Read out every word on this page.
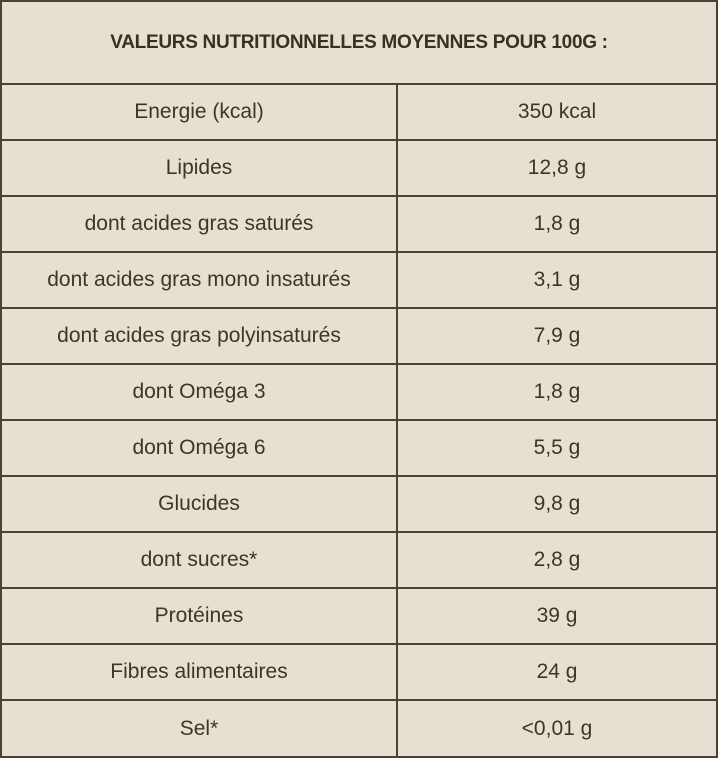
VALEURS NUTRITIONNELLES MOYENNES POUR 100G :
Energie (kcal)	350 kcal
Lipides	12,8 g
dont acides gras saturés	1,8 g
dont acides gras mono insaturés	3,1 g
dont acides gras polyinsaturés	7,9 g
dont Oméga 3	1,8 g
dont Oméga 6	5,5 g
Glucides	9,8 g
dont sucres*	2,8 g
Protéines	39 g
Fibres alimentaires	24 g
Sel*	<0,01 g
